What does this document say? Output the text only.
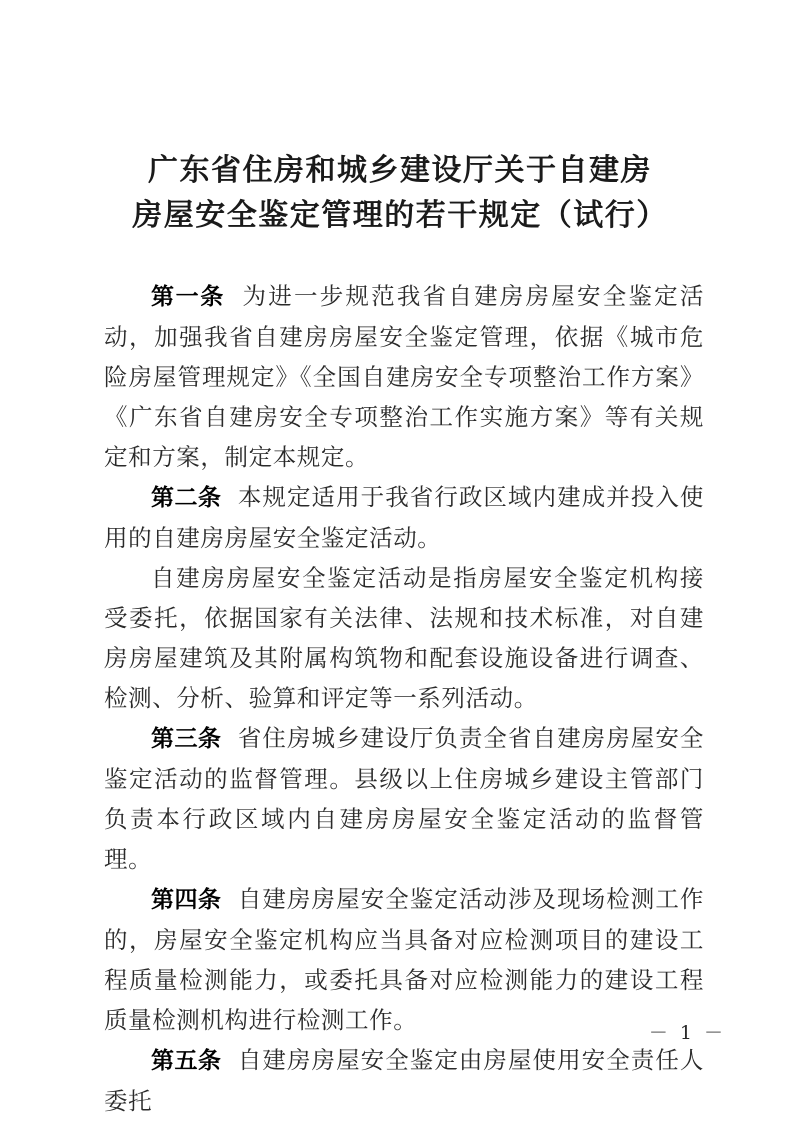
广东省住房和城乡建设厅关于自建房
房屋安全鉴定管理的若干规定（试行）

第一条 为进一步规范我省自建房房屋安全鉴定活动，加强我省自建房房屋安全鉴定管理，依据《城市危险房屋管理规定》《全国自建房安全专项整治工作方案》《广东省自建房安全专项整治工作实施方案》等有关规定和方案，制定本规定。

第二条 本规定适用于我省行政区域内建成并投入使用的自建房房屋安全鉴定活动。

自建房房屋安全鉴定活动是指房屋安全鉴定机构接受委托，依据国家有关法律、法规和技术标准，对自建房房屋建筑及其附属构筑物和配套设施设备进行调查、检测、分析、验算和评定等一系列活动。

第三条 省住房城乡建设厅负责全省自建房房屋安全鉴定活动的监督管理。县级以上住房城乡建设主管部门负责本行政区域内自建房房屋安全鉴定活动的监督管理。

第四条 自建房房屋安全鉴定活动涉及现场检测工作的，房屋安全鉴定机构应当具备对应检测项目的建设工程质量检测能力，或委托具备对应检测能力的建设工程质量检测机构进行检测工作。

第五条 自建房房屋安全鉴定由房屋使用安全责任人委托

－ 1 －
